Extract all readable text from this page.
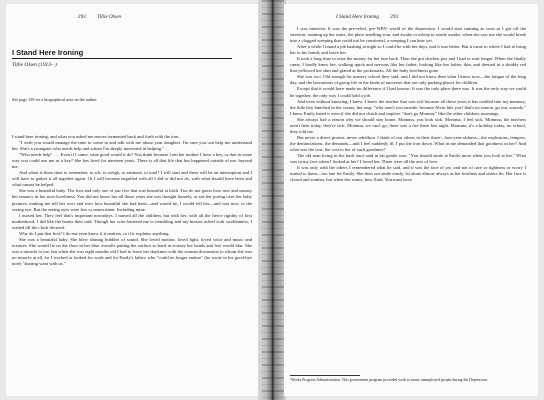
292 Tillie Olsen
I Stand Here Ironing
Tillie Olsen (1913– )
See page 159 for a biographical note on the author.

I stand here ironing, and what you asked me moves tormented back and forth with the iron.

"I wish you would manage the time to come in and talk with me about your daughter. I'm sure you can help me understand her. She's a youngster who needs help and whom I'm deeply interested in helping."

"Who needs help" . . . Even if I came, what good would it do? You think because I am her mother I have a key, or that in some way you could use me as a key? She has lived for nineteen years. There is all that life that has happened outside of me, beyond me.

And when is there time to remember, to sift, to weigh, to estimate, to total? I will start and there will be an interruption and I will have to gather it all together again. Or I will become engulfed with all I did or did not do, with what should have been and what cannot be helped.

She was a beautiful baby. The first and only one of our five that was beautiful at birth. You do not guess how new and uneasy her tenancy in her now-loveliness. You did not know her all those years she was thought homely, or see her poring over her baby pictures, making me tell her over and over how beautiful she had been—and would be, I would tell her—and was now, to the seeing eye. But the seeing eyes were few or nonexistent. Including mine.

I nursed her. They feel that's important nowadays. I nursed all the children, but with her, with all the fierce rigidity of first motherhood, I did like the books then said. Though her cries battered me to trembling and my breasts ached with swollenness, I waited till the clock decreed.

Why do I put that first? I do not even know if it matters, or if it explains anything.

She was a beautiful baby. She blew shining bubbles of sound. She loved motion, loved light, loved color and music and textures. She would lie on the floor in her blue overalls patting the surface so hard in ecstasy her hands and feet would blur. She was a miracle to me, but when she was eight months old I had to leave her daytimes with the woman downstairs to whom she was no miracle at all, for I worked or looked for work and for Emily's father, who "could no longer endure" (he wrote in his good-bye note) "sharing want with us."

I Stand Here Ironing 293

I was nineteen. It was the pre-relief, pre-WPA¹ world of the depression. I would start running as soon as I got off the streetcar, running up the stairs, the place smelling sour, and awake or asleep to startle awake, when she saw me she would break into a clogged weeping that could not be comforted, a weeping I can hear yet.

After a while I found a job hashing at night so I could be with her days, and it was better. But it came to where I had to bring her to his family and leave her.

It took a long time to raise the money for her fare back. Then she got chicken pox and I had to wait longer. When she finally came, I hardly knew her, walking quick and nervous like her father, looking like her father, thin, and dressed in a shoddy red that yellowed her skin and glared at the pockmarks. All the baby loveliness gone.

She was two. Old enough for nursery school they said, and I did not know then what I know now—the fatigue of the long day, and the lacerations of group life in the kinds of nurseries that are only parking places for children.

Except that it would have made no difference if I had known. It was the only place there was. It was the only way we could be together, the only way I could hold a job.

And even without knowing, I knew. I knew the teacher that was evil because all these years it has curdled into my memory, the little boy hunched in the corner, her rasp, "why aren't you outside, because Alvin hits you? that's no reason, go out, scaredy." I knew Emily hated it even if she did not clutch and implore "don't go Mommy" like the other children, mornings.

She always had a reason why we should stay home. Momma, you look sick. Momma, I feel sick. Momma, the teachers aren't here today, they're sick. Momma, we can't go, there was a fire there last night. Momma, it's a holiday today, no school, they told me.

But never a direct protest, never rebellion. I think of our others in their three-, four-year-oldness—the explosions, tempers, the denunciations, the demands—and I feel suddenly ill. I put the iron down. What in me demanded that goodness in her? And what was the cost, the cost to her of such goodness?

The old man living in the back once said in his gentle way: "You should smile at Emily more when you look at her." What was in my face when I looked at her? I loved her. There were all the acts of love.

It was only with the others I remembered what he said, and it was the face of joy, and not of care or tightness or worry I turned to them—too late for Emily. She does not smile easily, let alone almost always as her brothers and sisters do. Her face is closed and somber, but when she wants, how fluid. You must have

¹Works Progress Administration. This government program provided work to many unemployed people during the Depression.
